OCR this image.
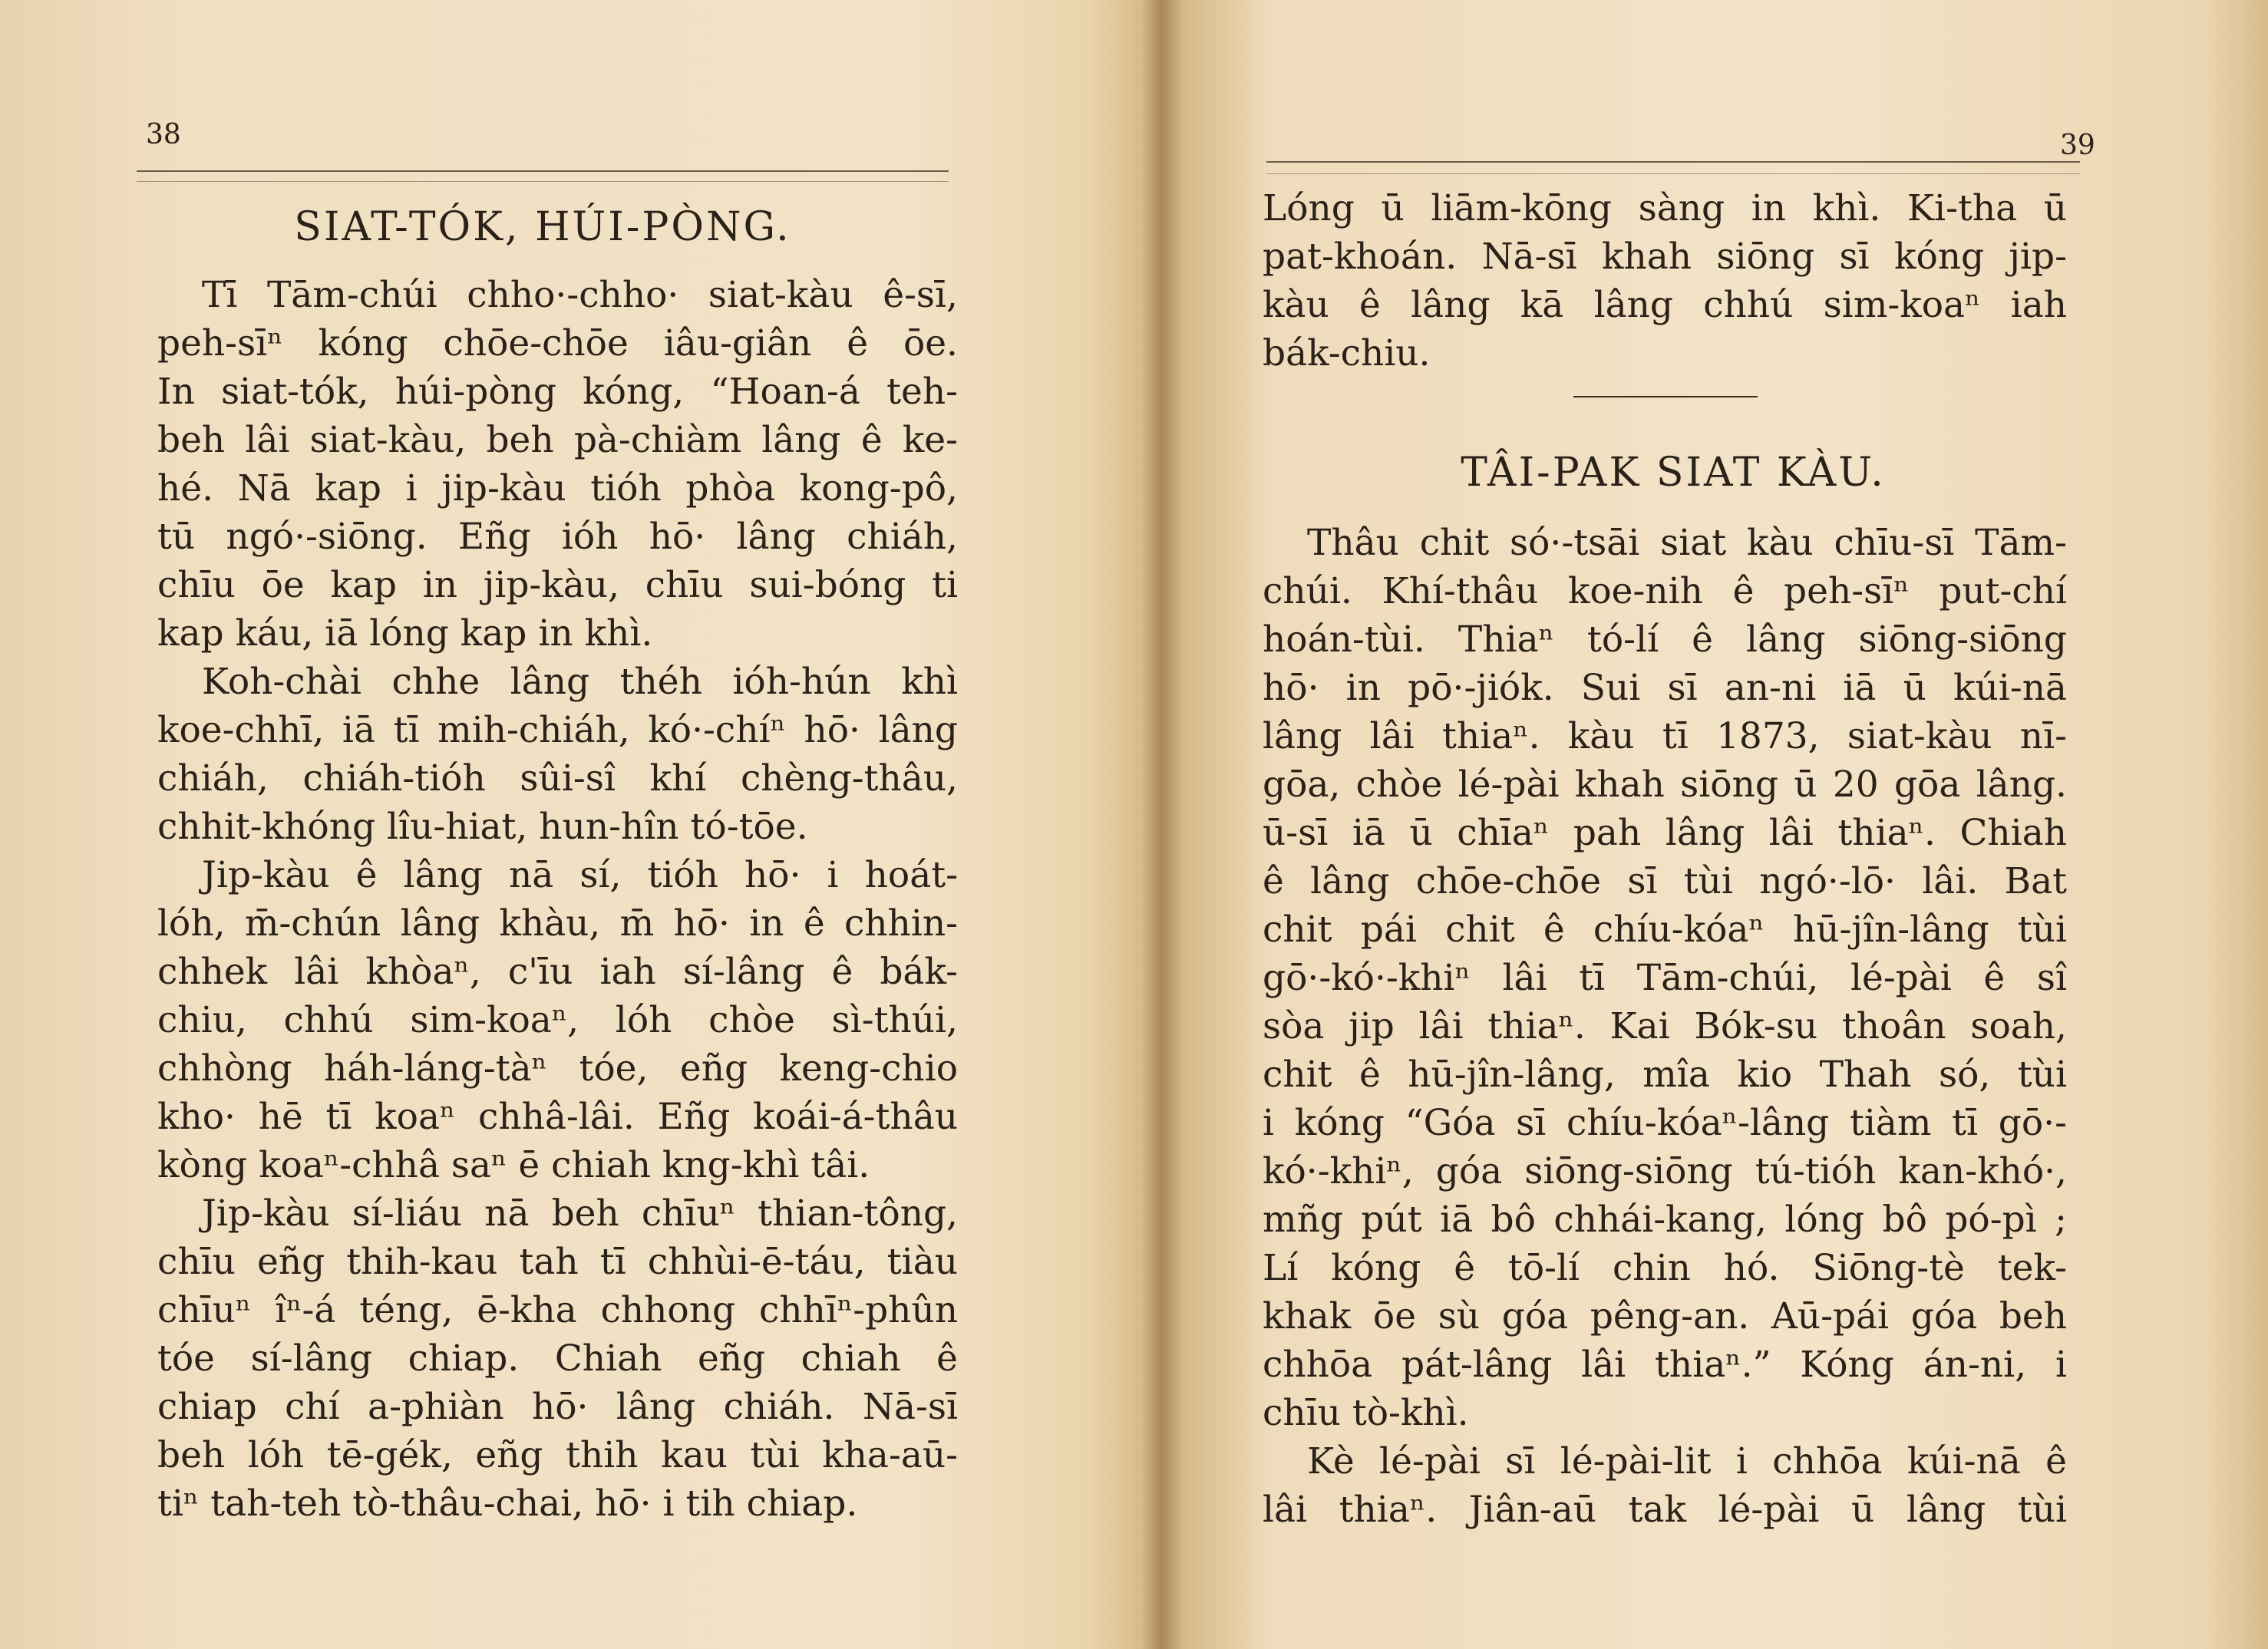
38
SIAT-TÓK, HÚI-PÒNG.
Tī Tām-chúi chho·-chho· siat-kàu ê-sī,
peh-sīⁿ kóng chōe-chōe iâu-giân ê ōe.
In siat-tók, húi-pòng kóng, “Hoan-á teh-
beh lâi siat-kàu, beh pà-chiàm lâng ê ke-
hé. Nā kap i jip-kàu tióh phòa kong-pô,
tū ngó·-siōng. Eñg ióh hō· lâng chiáh,
chīu ōe kap in jip-kàu, chīu sui-bóng ti
kap káu, iā lóng kap in khì.
Koh-chài chhe lâng théh ióh-hún khì
koe-chhī, iā tī mih-chiáh, kó·-chíⁿ hō· lâng
chiáh, chiáh-tióh sûi-sî khí chèng-thâu,
chhit-khóng lîu-hiat, hun-hîn tó-tōe.
Jip-kàu ê lâng nā sí, tióh hō· i hoát-
lóh, m̄-chún lâng khàu, m̄ hō· in ê chhin-
chhek lâi khòaⁿ, c'īu iah sí-lâng ê bák-
chiu, chhú sim-koaⁿ, lóh chòe sì-thúi,
chhòng háh-láng-tàⁿ tóe, eñg keng-chio
kho· hē tī koaⁿ chhâ-lâi. Eñg koái-á-thâu
kòng koaⁿ-chhâ saⁿ ē chiah kng-khì tâi.
Jip-kàu sí-liáu nā beh chīuⁿ thian-tông,
chīu eñg thih-kau tah tī chhùi-ē-táu, tiàu
chīuⁿ îⁿ-á téng, ē-kha chhong chhīⁿ-phûn
tóe sí-lâng chiap. Chiah eñg chiah ê
chiap chí a-phiàn hō· lâng chiáh. Nā-sī
beh lóh tē-gék, eñg thih kau tùi kha-aū-
tiⁿ tah-teh tò-thâu-chai, hō· i tih chiap.
39
Lóng ū liām-kōng sàng in khì. Ki-tha ū
pat-khoán. Nā-sī khah siōng sī kóng jip-
kàu ê lâng kā lâng chhú sim-koaⁿ iah
bák-chiu.
TÂI-PAK SIAT KÀU.
Thâu chit só·-tsāi siat kàu chīu-sī Tām-
chúi. Khí-thâu koe-nih ê peh-sīⁿ put-chí
hoán-tùi. Thiaⁿ tó-lí ê lâng siōng-siōng
hō· in pō·-jiók. Sui sī an-ni iā ū kúi-nā
lâng lâi thiaⁿ. kàu tī 1873, siat-kàu nī-
gōa, chòe lé-pài khah siōng ū 20 gōa lâng.
ū-sī iā ū chīaⁿ pah lâng lâi thiaⁿ. Chiah
ê lâng chōe-chōe sī tùi ngó·-lō· lâi. Bat
chit pái chit ê chíu-kóaⁿ hū-jîn-lâng tùi
gō·-kó·-khiⁿ lâi tī Tām-chúi, lé-pài ê sî
sòa jip lâi thiaⁿ. Kai Bók-su thoân soah,
chit ê hū-jîn-lâng, mîa kio Thah só, tùi
i kóng “Góa sī chíu-kóaⁿ-lâng tiàm tī gō·-
kó·-khiⁿ, góa siōng-siōng tú-tióh kan-khó·,
mñg pút iā bô chhái-kang, lóng bô pó-pì ;
Lí kóng ê tō-lí chin hó. Siōng-tè tek-
khak ōe sù góa pêng-an. Aū-pái góa beh
chhōa pát-lâng lâi thiaⁿ.” Kóng án-ni, i
chīu tò-khì.
Kè lé-pài sī lé-pài-lit i chhōa kúi-nā ê
lâi thiaⁿ. Jiân-aū tak lé-pài ū lâng tùi
